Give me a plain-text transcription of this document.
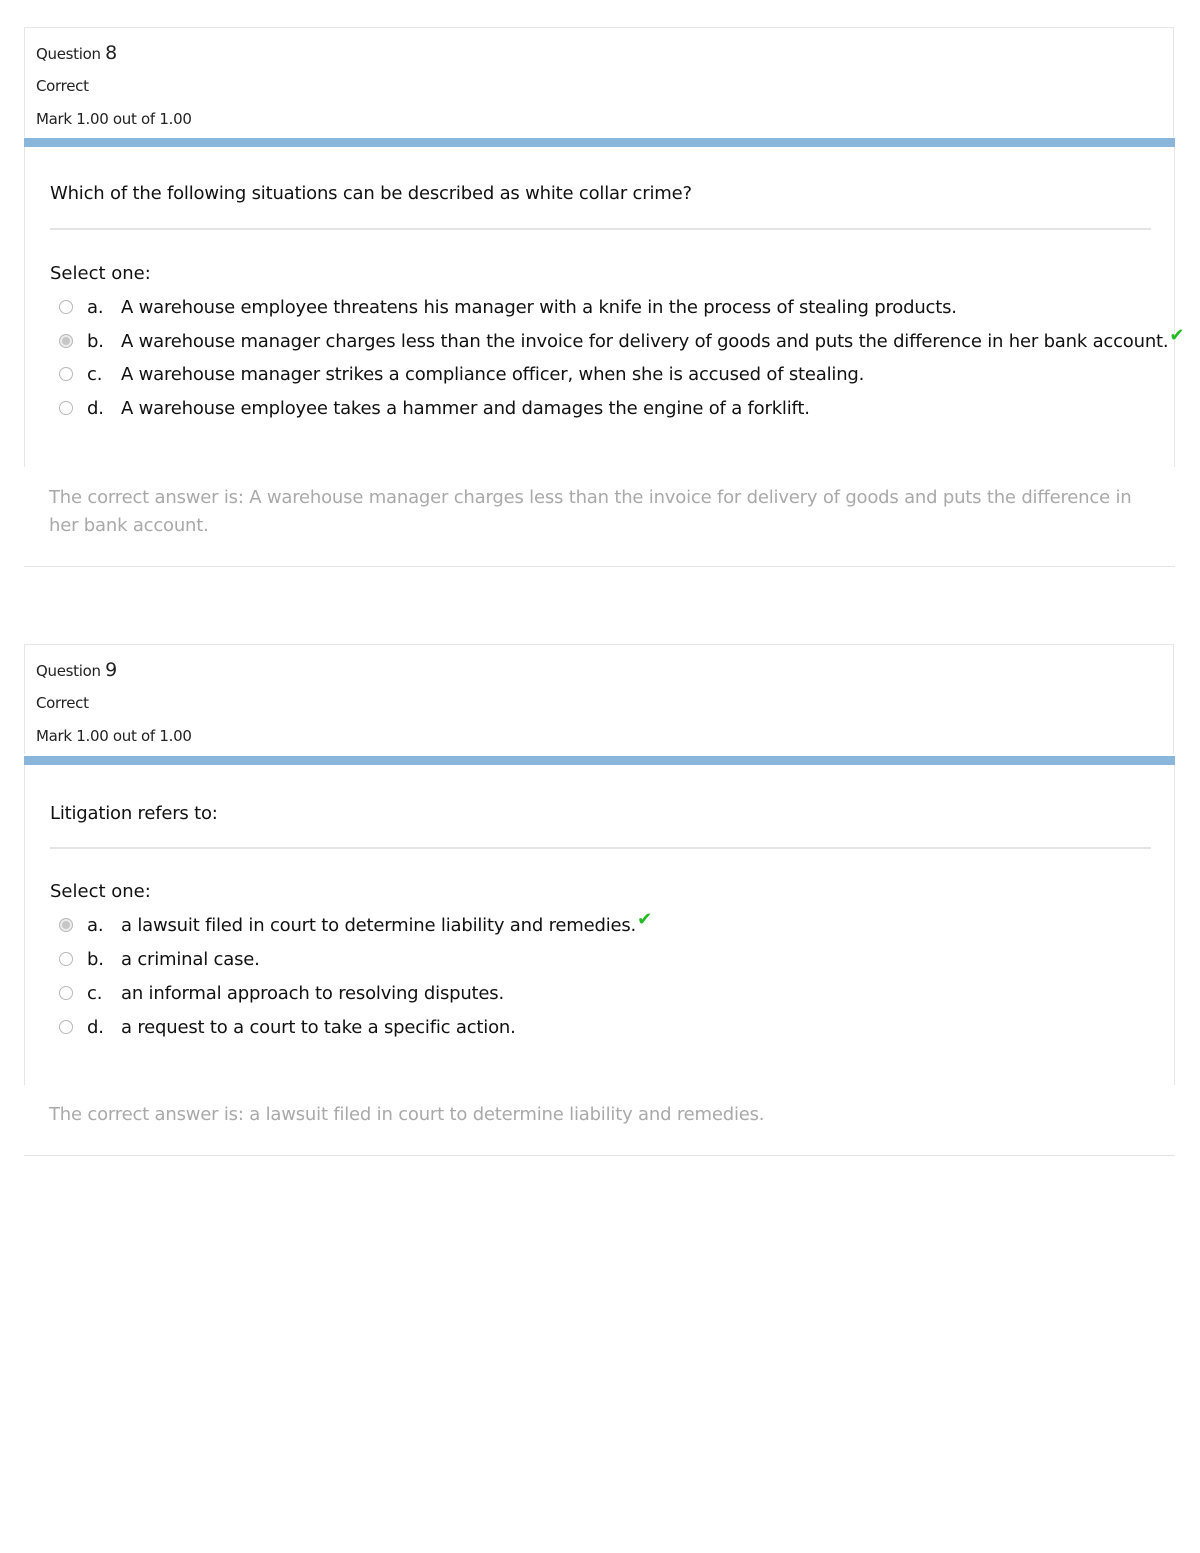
Question 8
Correct
Mark 1.00 out of 1.00
Which of the following situations can be described as white collar crime?
Select one:
a. A warehouse employee threatens his manager with a knife in the process of stealing products.
b. A warehouse manager charges less than the invoice for delivery of goods and puts the difference in her bank account.✔
c. A warehouse manager strikes a compliance officer, when she is accused of stealing.
d. A warehouse employee takes a hammer and damages the engine of a forklift.
The correct answer is: A warehouse manager charges less than the invoice for delivery of goods and puts the difference in her bank account.
Question 9
Correct
Mark 1.00 out of 1.00
Litigation refers to:
Select one:
a. a lawsuit filed in court to determine liability and remedies.✔
b. a criminal case.
c. an informal approach to resolving disputes.
d. a request to a court to take a specific action.
The correct answer is: a lawsuit filed in court to determine liability and remedies.
